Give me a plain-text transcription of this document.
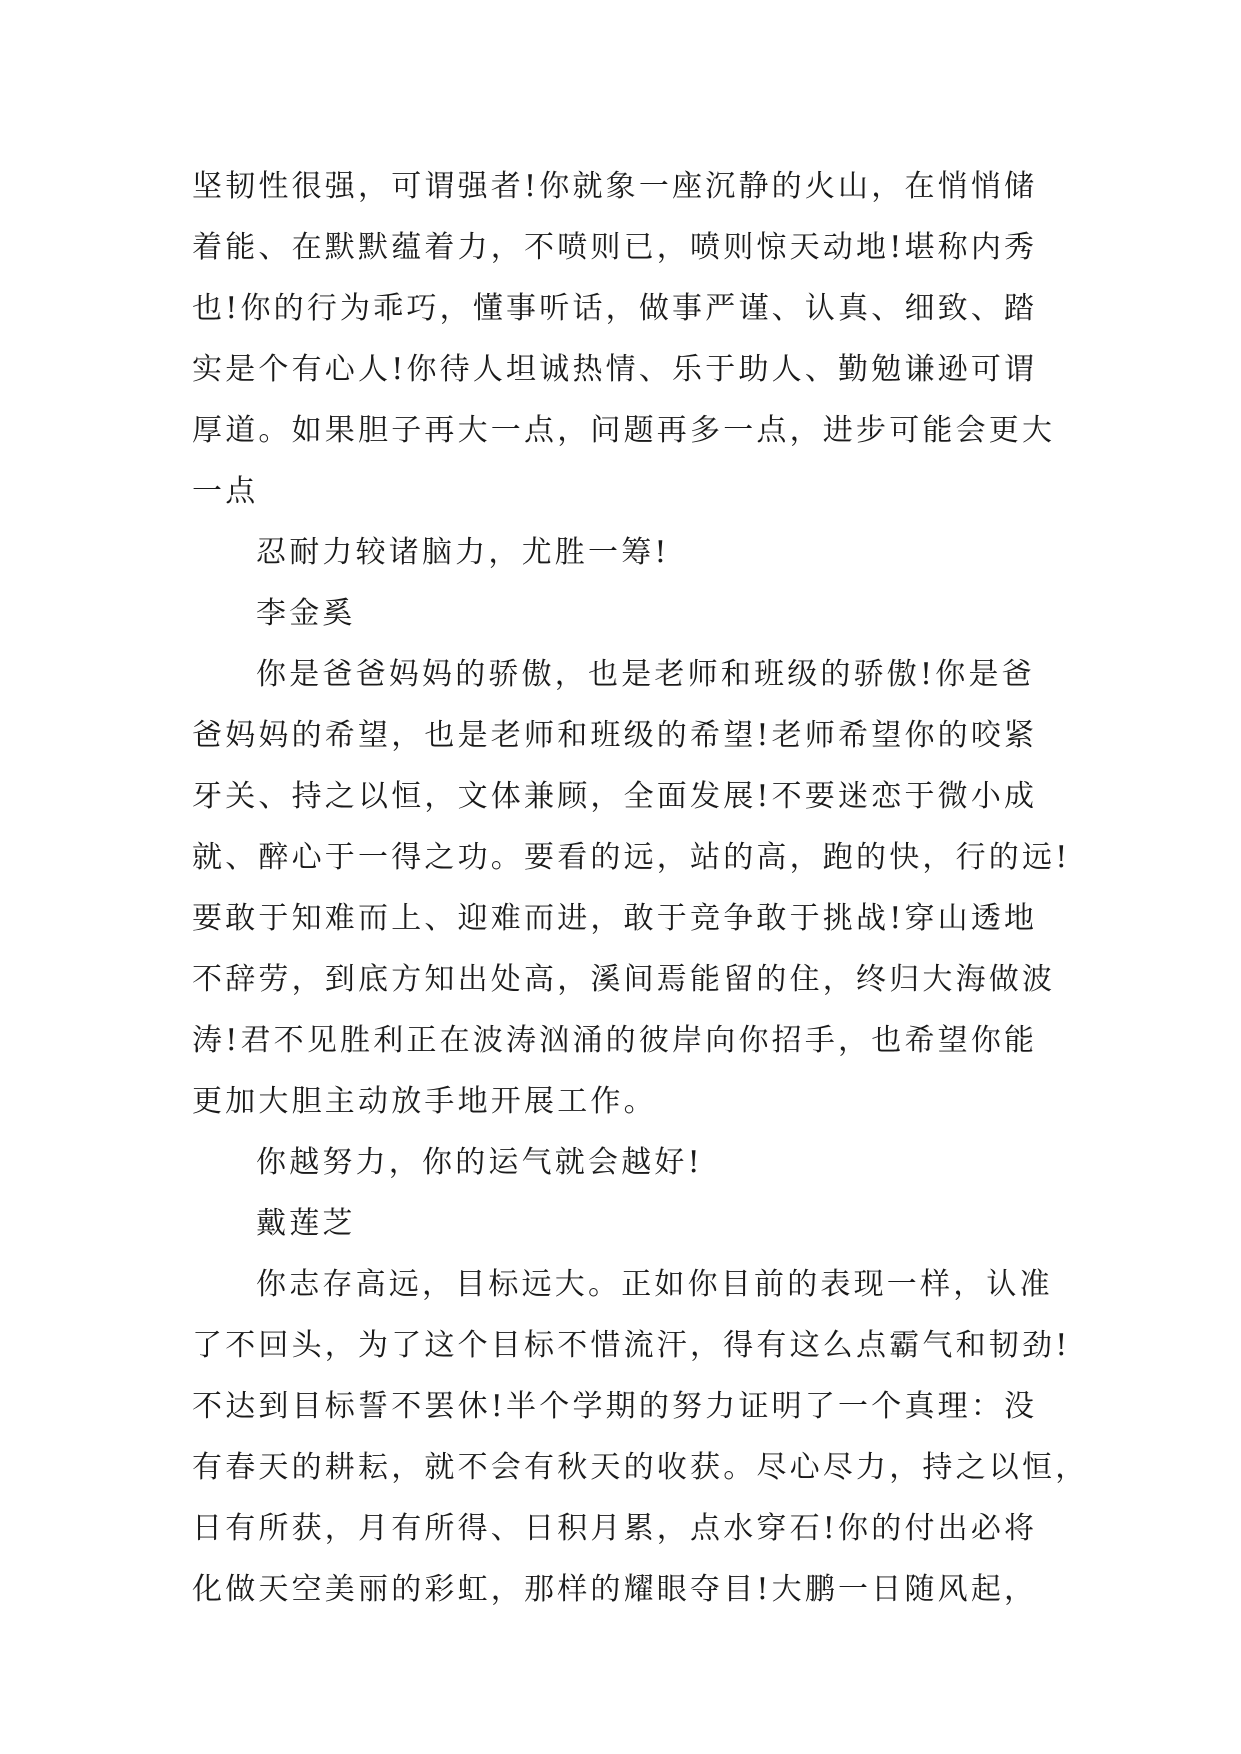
坚韧性很强，可谓强者!你就象一座沉静的火山，在悄悄储
着能、在默默蕴着力，不喷则已，喷则惊天动地!堪称内秀
也!你的行为乖巧，懂事听话，做事严谨、认真、细致、踏
实是个有心人!你待人坦诚热情、乐于助人、勤勉谦逊可谓
厚道。如果胆子再大一点，问题再多一点，进步可能会更大
一点
忍耐力较诸脑力，尤胜一筹!
李金奚
你是爸爸妈妈的骄傲，也是老师和班级的骄傲!你是爸
爸妈妈的希望，也是老师和班级的希望!老师希望你的咬紧
牙关、持之以恒，文体兼顾，全面发展!不要迷恋于微小成
就、醉心于一得之功。要看的远，站的高，跑的快，行的远!
要敢于知难而上、迎难而进，敢于竞争敢于挑战!穿山透地
不辞劳，到底方知出处高，溪间焉能留的住，终归大海做波
涛!君不见胜利正在波涛汹涌的彼岸向你招手，也希望你能
更加大胆主动放手地开展工作。
你越努力，你的运气就会越好!
戴莲芝
你志存高远，目标远大。正如你目前的表现一样，认准
了不回头，为了这个目标不惜流汗，得有这么点霸气和韧劲!
不达到目标誓不罢休!半个学期的努力证明了一个真理：没
有春天的耕耘，就不会有秋天的收获。尽心尽力，持之以恒，
日有所获，月有所得、日积月累，点水穿石!你的付出必将
化做天空美丽的彩虹，那样的耀眼夺目!大鹏一日随风起，
